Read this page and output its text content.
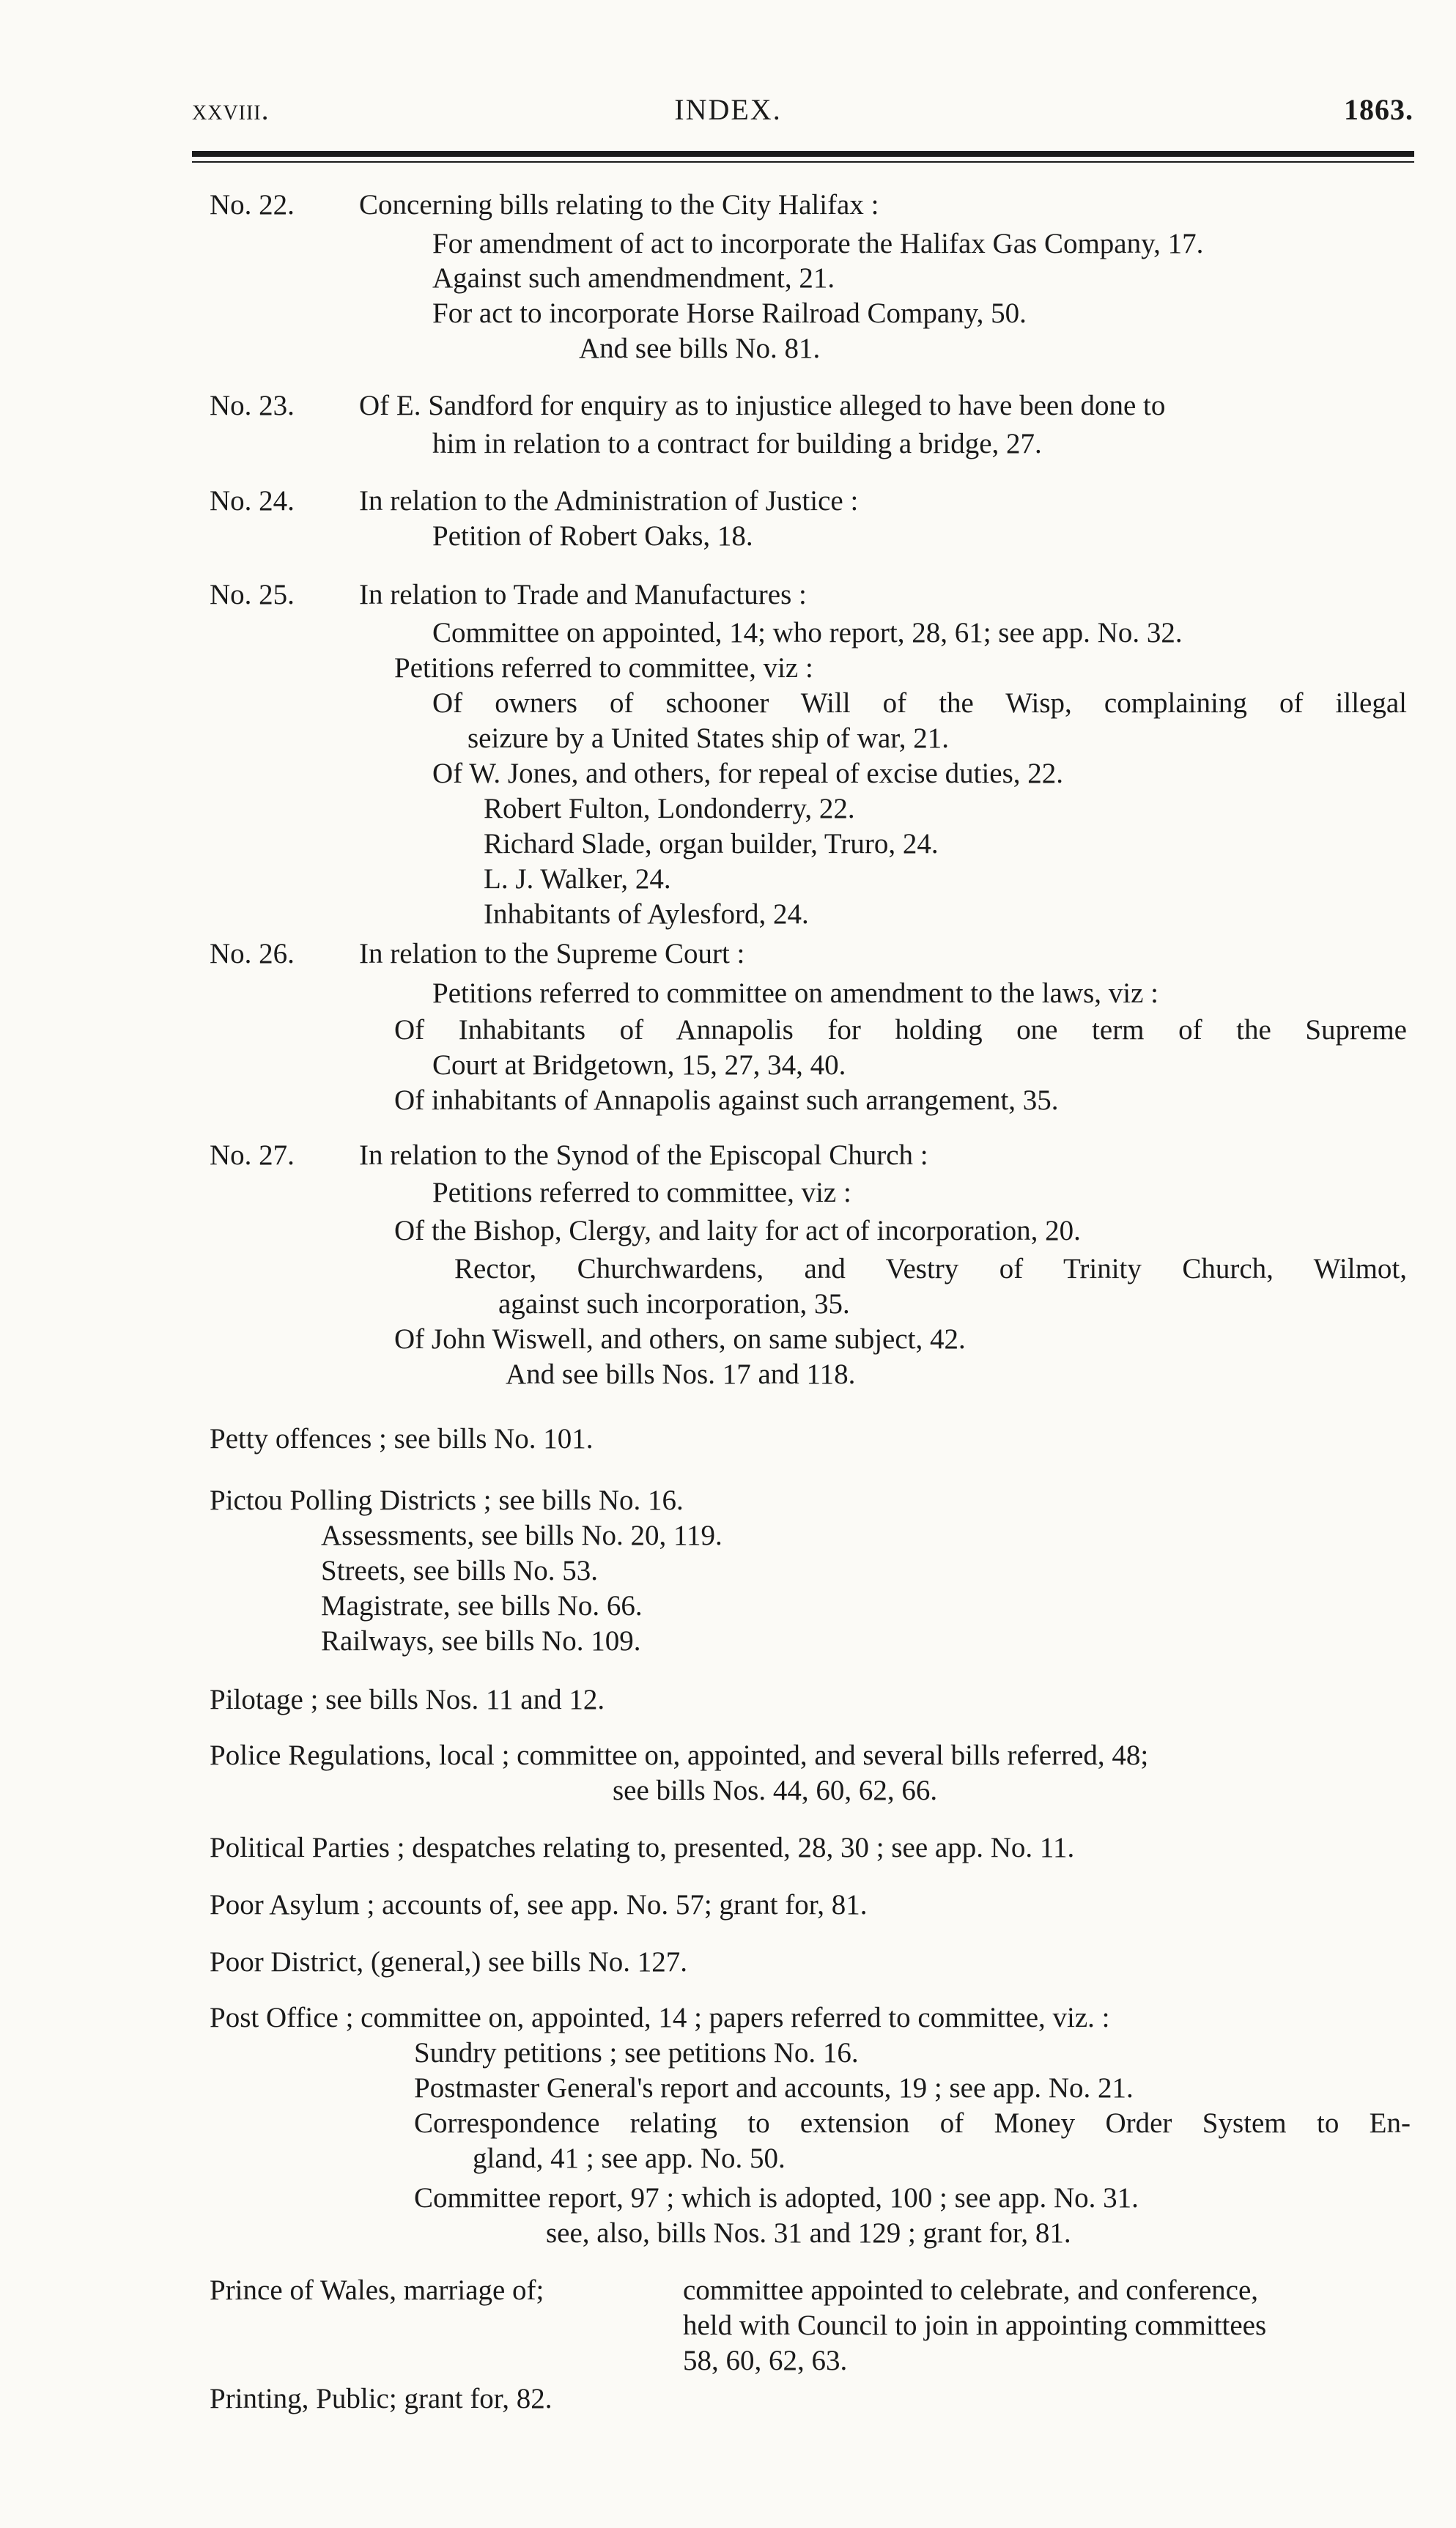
xxviii.	INDEX.	1863.
No. 22. Concerning bills relating to the City Halifax :
For amendment of act to incorporate the Halifax Gas Company, 17.
Against such amendmendment, 21.
For act to incorporate Horse Railroad Company, 50.
And see bills No. 81.
No. 23. Of E. Sandford for enquiry as to injustice alleged to have been done to
him in relation to a contract for building a bridge, 27.
No. 24. In relation to the Administration of Justice :
Petition of Robert Oaks, 18.
No. 25. In relation to Trade and Manufactures :
Committee on appointed, 14; who report, 28, 61; see app. No. 32.
Petitions referred to committee, viz :
Of owners of schooner Will of the Wisp, complaining of illegal
seizure by a United States ship of war, 21.
Of W. Jones, and others, for repeal of excise duties, 22.
Robert Fulton, Londonderry, 22.
Richard Slade, organ builder, Truro, 24.
L. J. Walker, 24.
Inhabitants of Aylesford, 24.
No. 26. In relation to the Supreme Court :
Petitions referred to committee on amendment to the laws, viz :
Of Inhabitants of Annapolis for holding one term of the Supreme
Court at Bridgetown, 15, 27, 34, 40.
Of inhabitants of Annapolis against such arrangement, 35.
No. 27. In relation to the Synod of the Episcopal Church :
Petitions referred to committee, viz :
Of the Bishop, Clergy, and laity for act of incorporation, 20.
Rector, Churchwardens, and Vestry of Trinity Church, Wilmot,
against such incorporation, 35.
Of John Wiswell, and others, on same subject, 42.
And see bills Nos. 17 and 118.
Petty offences ; see bills No. 101.
Pictou Polling Districts ; see bills No. 16.
Assessments, see bills No. 20, 119.
Streets, see bills No. 53.
Magistrate, see bills No. 66.
Railways, see bills No. 109.
Pilotage ; see bills Nos. 11 and 12.
Police Regulations, local ; committee on, appointed, and several bills referred, 48;
see bills Nos. 44, 60, 62, 66.
Political Parties ; despatches relating to, presented, 28, 30 ; see app. No. 11.
Poor Asylum ; accounts of, see app. No. 57; grant for, 81.
Poor District, (general,) see bills No. 127.
Post Office ; committee on, appointed, 14 ; papers referred to committee, viz. :
Sundry petitions ; see petitions No. 16.
Postmaster General's report and accounts, 19 ; see app. No. 21.
Correspondence relating to extension of Money Order System to En-
gland, 41 ; see app. No. 50.
Committee report, 97 ; which is adopted, 100 ; see app. No. 31.
see, also, bills Nos. 31 and 129 ; grant for, 81.
Prince of Wales, marriage of;	committee appointed to celebrate, and conference,
held with Council to join in appointing committees
58, 60, 62, 63.
Printing, Public; grant for, 82.
